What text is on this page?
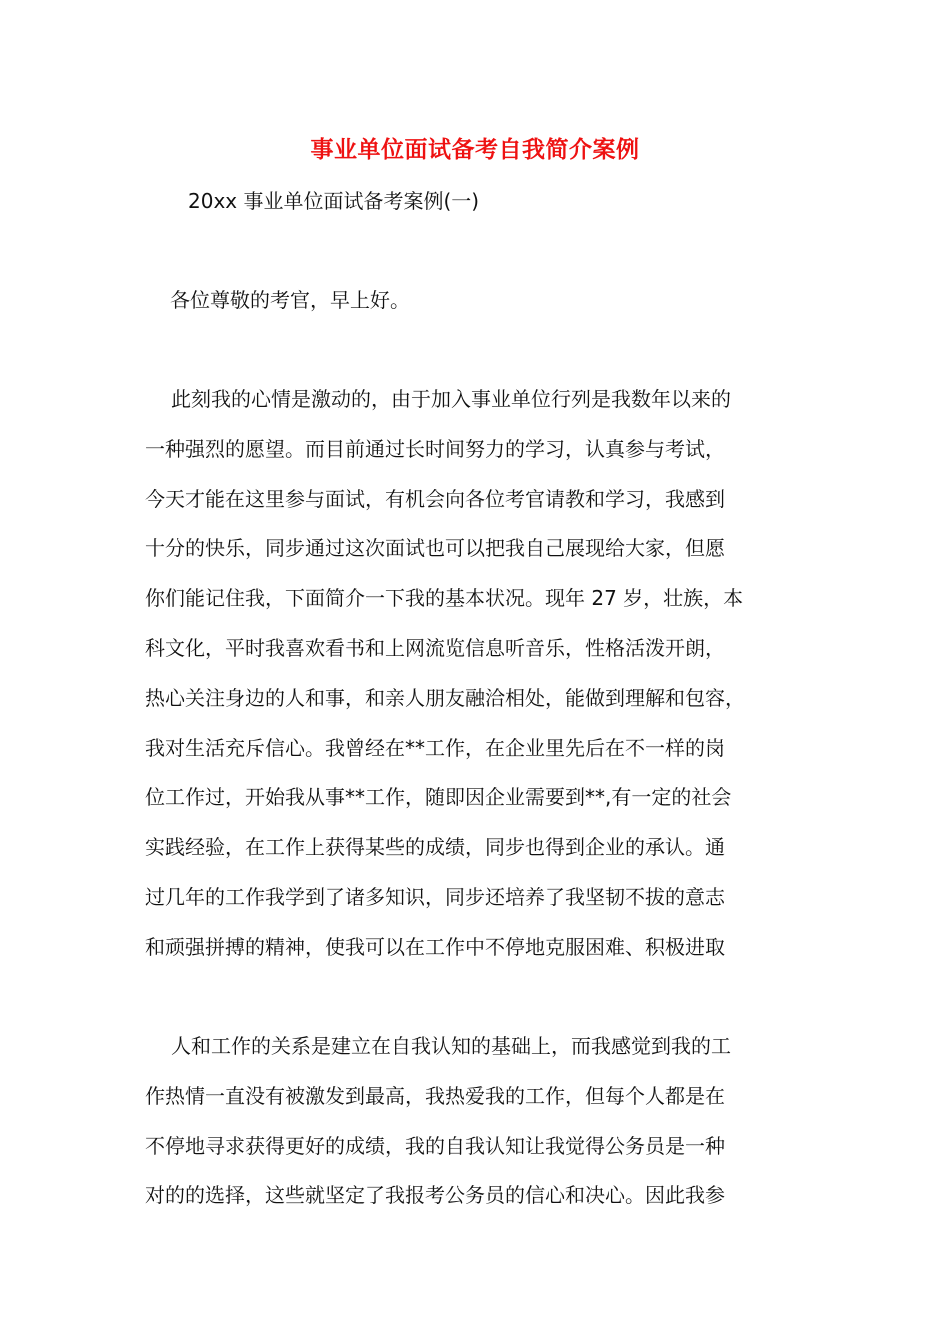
事业单位面试备考自我简介案例
20xx 事业单位面试备考案例(一)
各位尊敬的考官，早上好。
此刻我的心情是激动的，由于加入事业单位行列是我数年以来的
一种强烈的愿望。而目前通过长时间努力的学习，认真参与考试，
今天才能在这里参与面试，有机会向各位考官请教和学习，我感到
十分的快乐，同步通过这次面试也可以把我自己展现给大家，但愿
你们能记住我，下面简介一下我的基本状况。现年 27 岁，壮族，本
科文化，平时我喜欢看书和上网流览信息听音乐，性格活泼开朗，
热心关注身边的人和事，和亲人朋友融洽相处，能做到理解和包容，
我对生活充斥信心。我曾经在**工作，在企业里先后在不一样的岗
位工作过，开始我从事**工作，随即因企业需要到**,有一定的社会
实践经验，在工作上获得某些的成绩，同步也得到企业的承认。通
过几年的工作我学到了诸多知识，同步还培养了我坚韧不拔的意志
和顽强拼搏的精神，使我可以在工作中不停地克服困难、积极进取
人和工作的关系是建立在自我认知的基础上，而我感觉到我的工
作热情一直没有被激发到最高，我热爱我的工作，但每个人都是在
不停地寻求获得更好的成绩，我的自我认知让我觉得公务员是一种
对的的选择，这些就坚定了我报考公务员的信心和决心。因此我参
